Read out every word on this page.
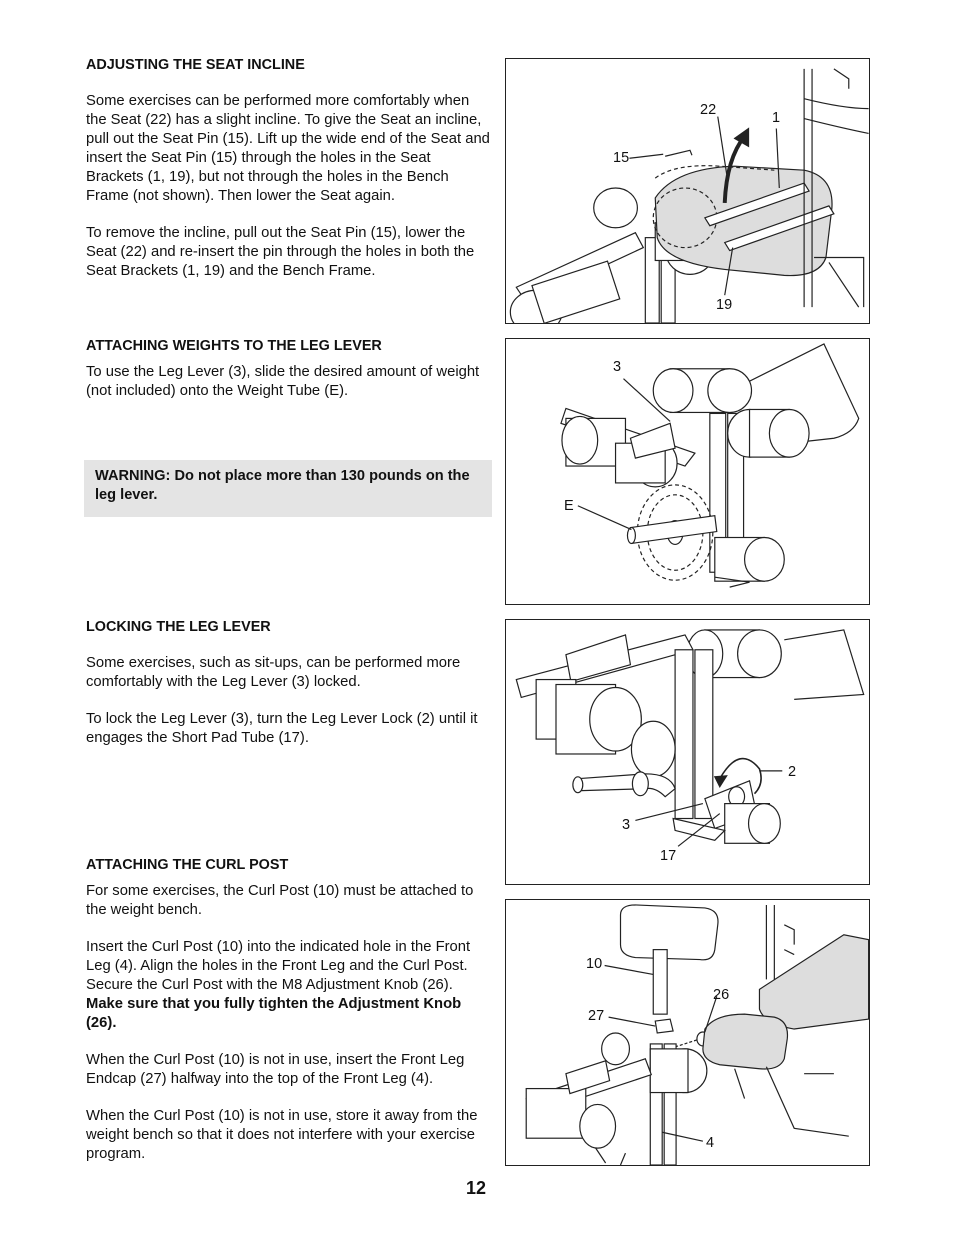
ADJUSTING THE SEAT INCLINE

Some exercises can be performed more comfortably when the Seat (22) has a slight incline. To give the Seat an incline, pull out the Seat Pin (15). Lift up the wide end of the Seat and insert the Seat Pin (15) through the holes in the Seat Brackets (1, 19), but not through the holes in the Bench Frame (not shown). Then lower the Seat again.

To remove the incline, pull out the Seat Pin (15), lower the Seat (22) and re-insert the pin through the holes in both the Seat Brackets (1, 19) and the Bench Frame.

ATTACHING WEIGHTS TO THE LEG LEVER

To use the Leg Lever (3), slide the desired amount of weight (not included) onto the Weight Tube (E).

WARNING: Do not place more than 130 pounds on the leg lever.
LOCKING THE LEG LEVER

Some exercises, such as sit-ups, can be performed more comfortably with the Leg Lever (3) locked.

To lock the Leg Lever (3), turn the Leg Lever Lock (2) until it engages the Short Pad Tube (17).

ATTACHING THE CURL POST

For some exercises, the Curl Post (10) must be attached to the weight bench.

Insert the Curl Post (10) into the indicated hole in the Front Leg (4). Align the holes in the Front Leg and the Curl Post. Secure the Curl Post with the M8 Adjustment Knob (26). Make sure that you fully tighten the Adjustment Knob (26).

When the Curl Post (10) is not in use, insert the Front Leg Endcap (27) halfway into the top of the Front Leg (4).

When the Curl Post (10) is not in use, store it away from the weight bench so that it does not interfere with your exercise program.

22	1
15
19
3
E
2
3
17
10
26
27
4
12
